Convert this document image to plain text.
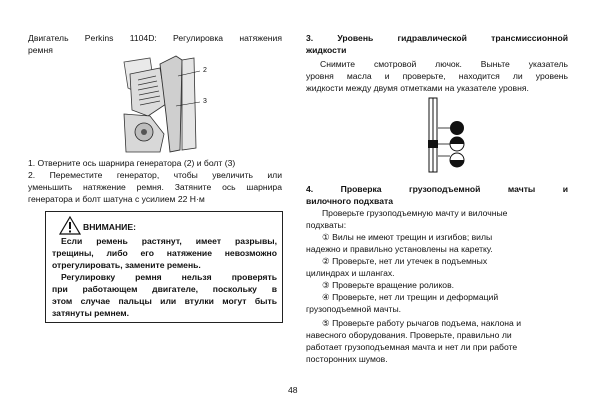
Двигатель Perkins 1104D: Регулировка натяжения

ремня

2
3

1. Отверните ось шарнира генератора (2) и болт (3)

2. Переместите генератор, чтобы увеличить или

уменьшить натяжение ремня. Затяните ось шарнира

генератора и болт шатуна с усилием 22 Н·м

ВНИМАНИЕ:

Если ремень растянут, имеет разрывы,

трещины, либо его натяжение невозможно

отрегулировать, замените ремень.

Регулировку ремня нельзя проверять

при работающем двигателе, поскольку в

этом случае пальцы или втулки могут быть

затянуты ремнем.

3. Уровень гидравлической трансмиссионной

жидкости

Снимите смотровой лючок. Выньте указатель

уровня масла и проверьте, находится ли уровень

жидкости между двумя отметками на указателе уровня.

4. Проверка грузоподъемной мачты и

вилочного подхвата

Проверьте грузоподъемную мачту и вилочные

подхваты:

① Вилы не имеют трещин и изгибов; вилы

надежно и правильно установлены на каретку.

② Проверьте, нет ли утечек в подъемных

цилиндрах и шлангах.

③ Проверьте вращение роликов.

④ Проверьте, нет ли трещин и деформаций

грузоподъемной мачты.

⑤ Проверьте работу рычагов подъема, наклона и

навесного оборудования. Проверьте, правильно ли

работает грузоподъемная мачта и нет ли при работе

посторонних шумов.

48
